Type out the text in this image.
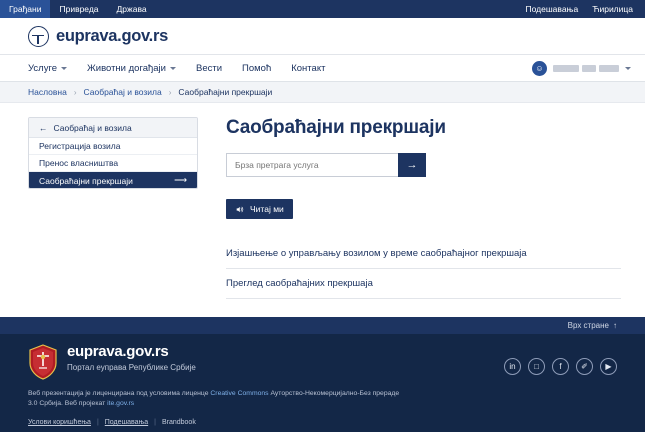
Грађани Привреда Држава	Подешавања Ћирилица
euprava.gov.rs
Услуге	Животни догађаји	Вести Помоћ Контакт	☺
Насловна › Саобраћај и возила › Саобраћајни прекршаји
← Саобраћај и возила
Регистрација возила
Пренос власништва
Саобраћајни прекршаји	⟶
Саобраћајни прекршаји
Брза претрага услуга
→
Читај ми
Изјашњење о управљању возилом у време саобраћајног прекршаја
Преглед саобраћајних прекршаја
Врх стране ↑
euprava.gov.rs
Портал еуправа Републике Србије
Веб презентација је лиценцирана под условима лиценце Creative Commons Ауторство-Некомерцијално-Без прераде
3.0 Србија. Веб пројекат ite.gov.rs
in □	f ✐ ▶
Услови коришћења | Подешавања | Brandbook
